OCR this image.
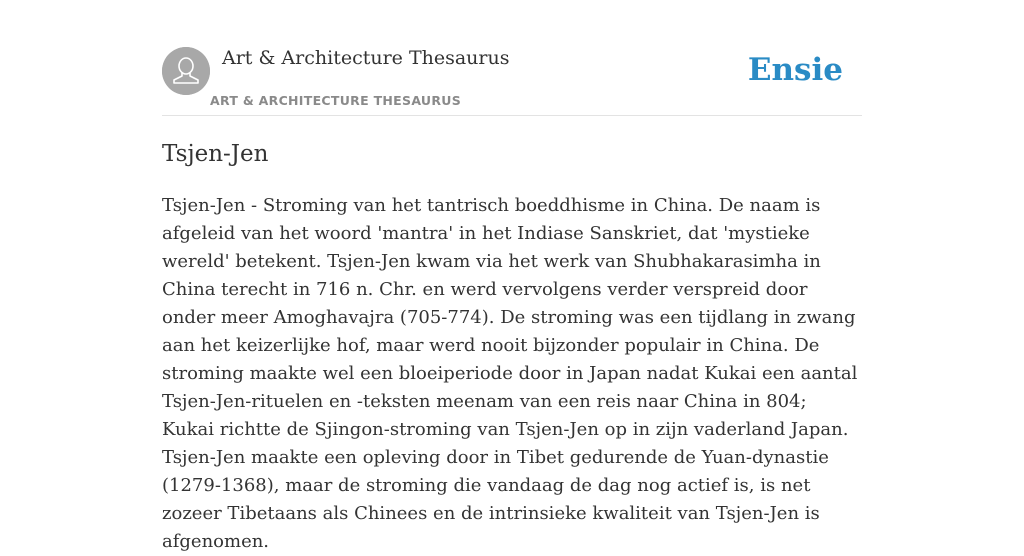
Art & Architecture Thesaurus
ART & ARCHITECTURE THESAURUS
Ensie
Tsjen-Jen

Tsjen-Jen - Stroming van het tantrisch boeddhisme in China. De naam is afgeleid van het woord 'mantra' in het Indiase Sanskriet, dat 'mystieke wereld' betekent. Tsjen-Jen kwam via het werk van Shubhakarasimha in China terecht in 716 n. Chr. en werd vervolgens verder verspreid door onder meer Amoghavajra (705-774). De stroming was een tijdlang in zwang aan het keizerlijke hof, maar werd nooit bijzonder populair in China. De stroming maakte wel een bloeiperiode door in Japan nadat Kukai een aantal Tsjen-Jen-rituelen en -teksten meenam van een reis naar China in 804; Kukai richtte de Sjingon-stroming van Tsjen-Jen op in zijn vaderland Japan. Tsjen-Jen maakte een opleving door in Tibet gedurende de Yuan-dynastie (1279-1368), maar de stroming die vandaag de dag nog actief is, is net zozeer Tibetaans als Chinees en de intrinsieke kwaliteit van Tsjen-Jen is afgenomen.
